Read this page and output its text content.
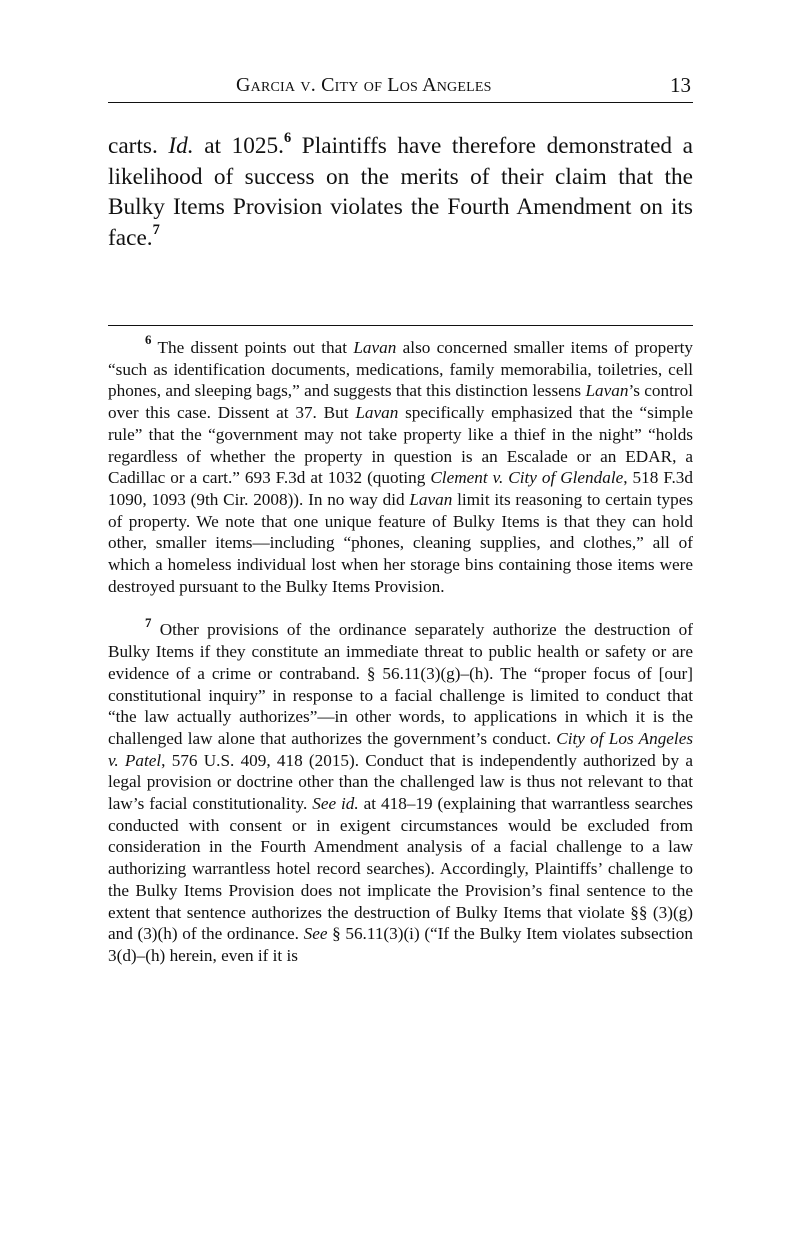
Garcia v. City of Los Angeles	13

carts. Id. at 1025.$^6$ Plaintiffs have therefore demonstrated a likelihood of success on the merits of their claim that the Bulky Items Provision violates the Fourth Amendment on its face.$^7$

$^6$ The dissent points out that Lavan also concerned smaller items of property “such as identification documents, medications, family memorabilia, toiletries, cell phones, and sleeping bags,” and suggests that this distinction lessens Lavan’s control over this case. Dissent at 37. But Lavan specifically emphasized that the “simple rule” that the “government may not take property like a thief in the night” “holds regardless of whether the property in question is an Escalade or an EDAR, a Cadillac or a cart.” 693 F.3d at 1032 (quoting Clement v. City of Glendale, 518 F.3d 1090, 1093 (9th Cir. 2008)). In no way did Lavan limit its reasoning to certain types of property. We note that one unique feature of Bulky Items is that they can hold other, smaller items—including “phones, cleaning supplies, and clothes,” all of which a homeless individual lost when her storage bins containing those items were destroyed pursuant to the Bulky Items Provision.

$^7$ Other provisions of the ordinance separately authorize the destruction of Bulky Items if they constitute an immediate threat to public health or safety or are evidence of a crime or contraband. § 56.11(3)(g)–(h). The “proper focus of [our] constitutional inquiry” in response to a facial challenge is limited to conduct that “the law actually authorizes”—in other words, to applications in which it is the challenged law alone that authorizes the government’s conduct. City of Los Angeles v. Patel, 576 U.S. 409, 418 (2015). Conduct that is independently authorized by a legal provision or doctrine other than the challenged law is thus not relevant to that law’s facial constitutionality. See id. at 418–19 (explaining that warrantless searches conducted with consent or in exigent circumstances would be excluded from consideration in the Fourth Amendment analysis of a facial challenge to a law authorizing warrantless hotel record searches). Accordingly, Plaintiffs’ challenge to the Bulky Items Provision does not implicate the Provision’s final sentence to the extent that sentence authorizes the destruction of Bulky Items that violate §§ (3)(g) and (3)(h) of the ordinance. See § 56.11(3)(i) (“If the Bulky Item violates subsection 3(d)–(h) herein, even if it is
